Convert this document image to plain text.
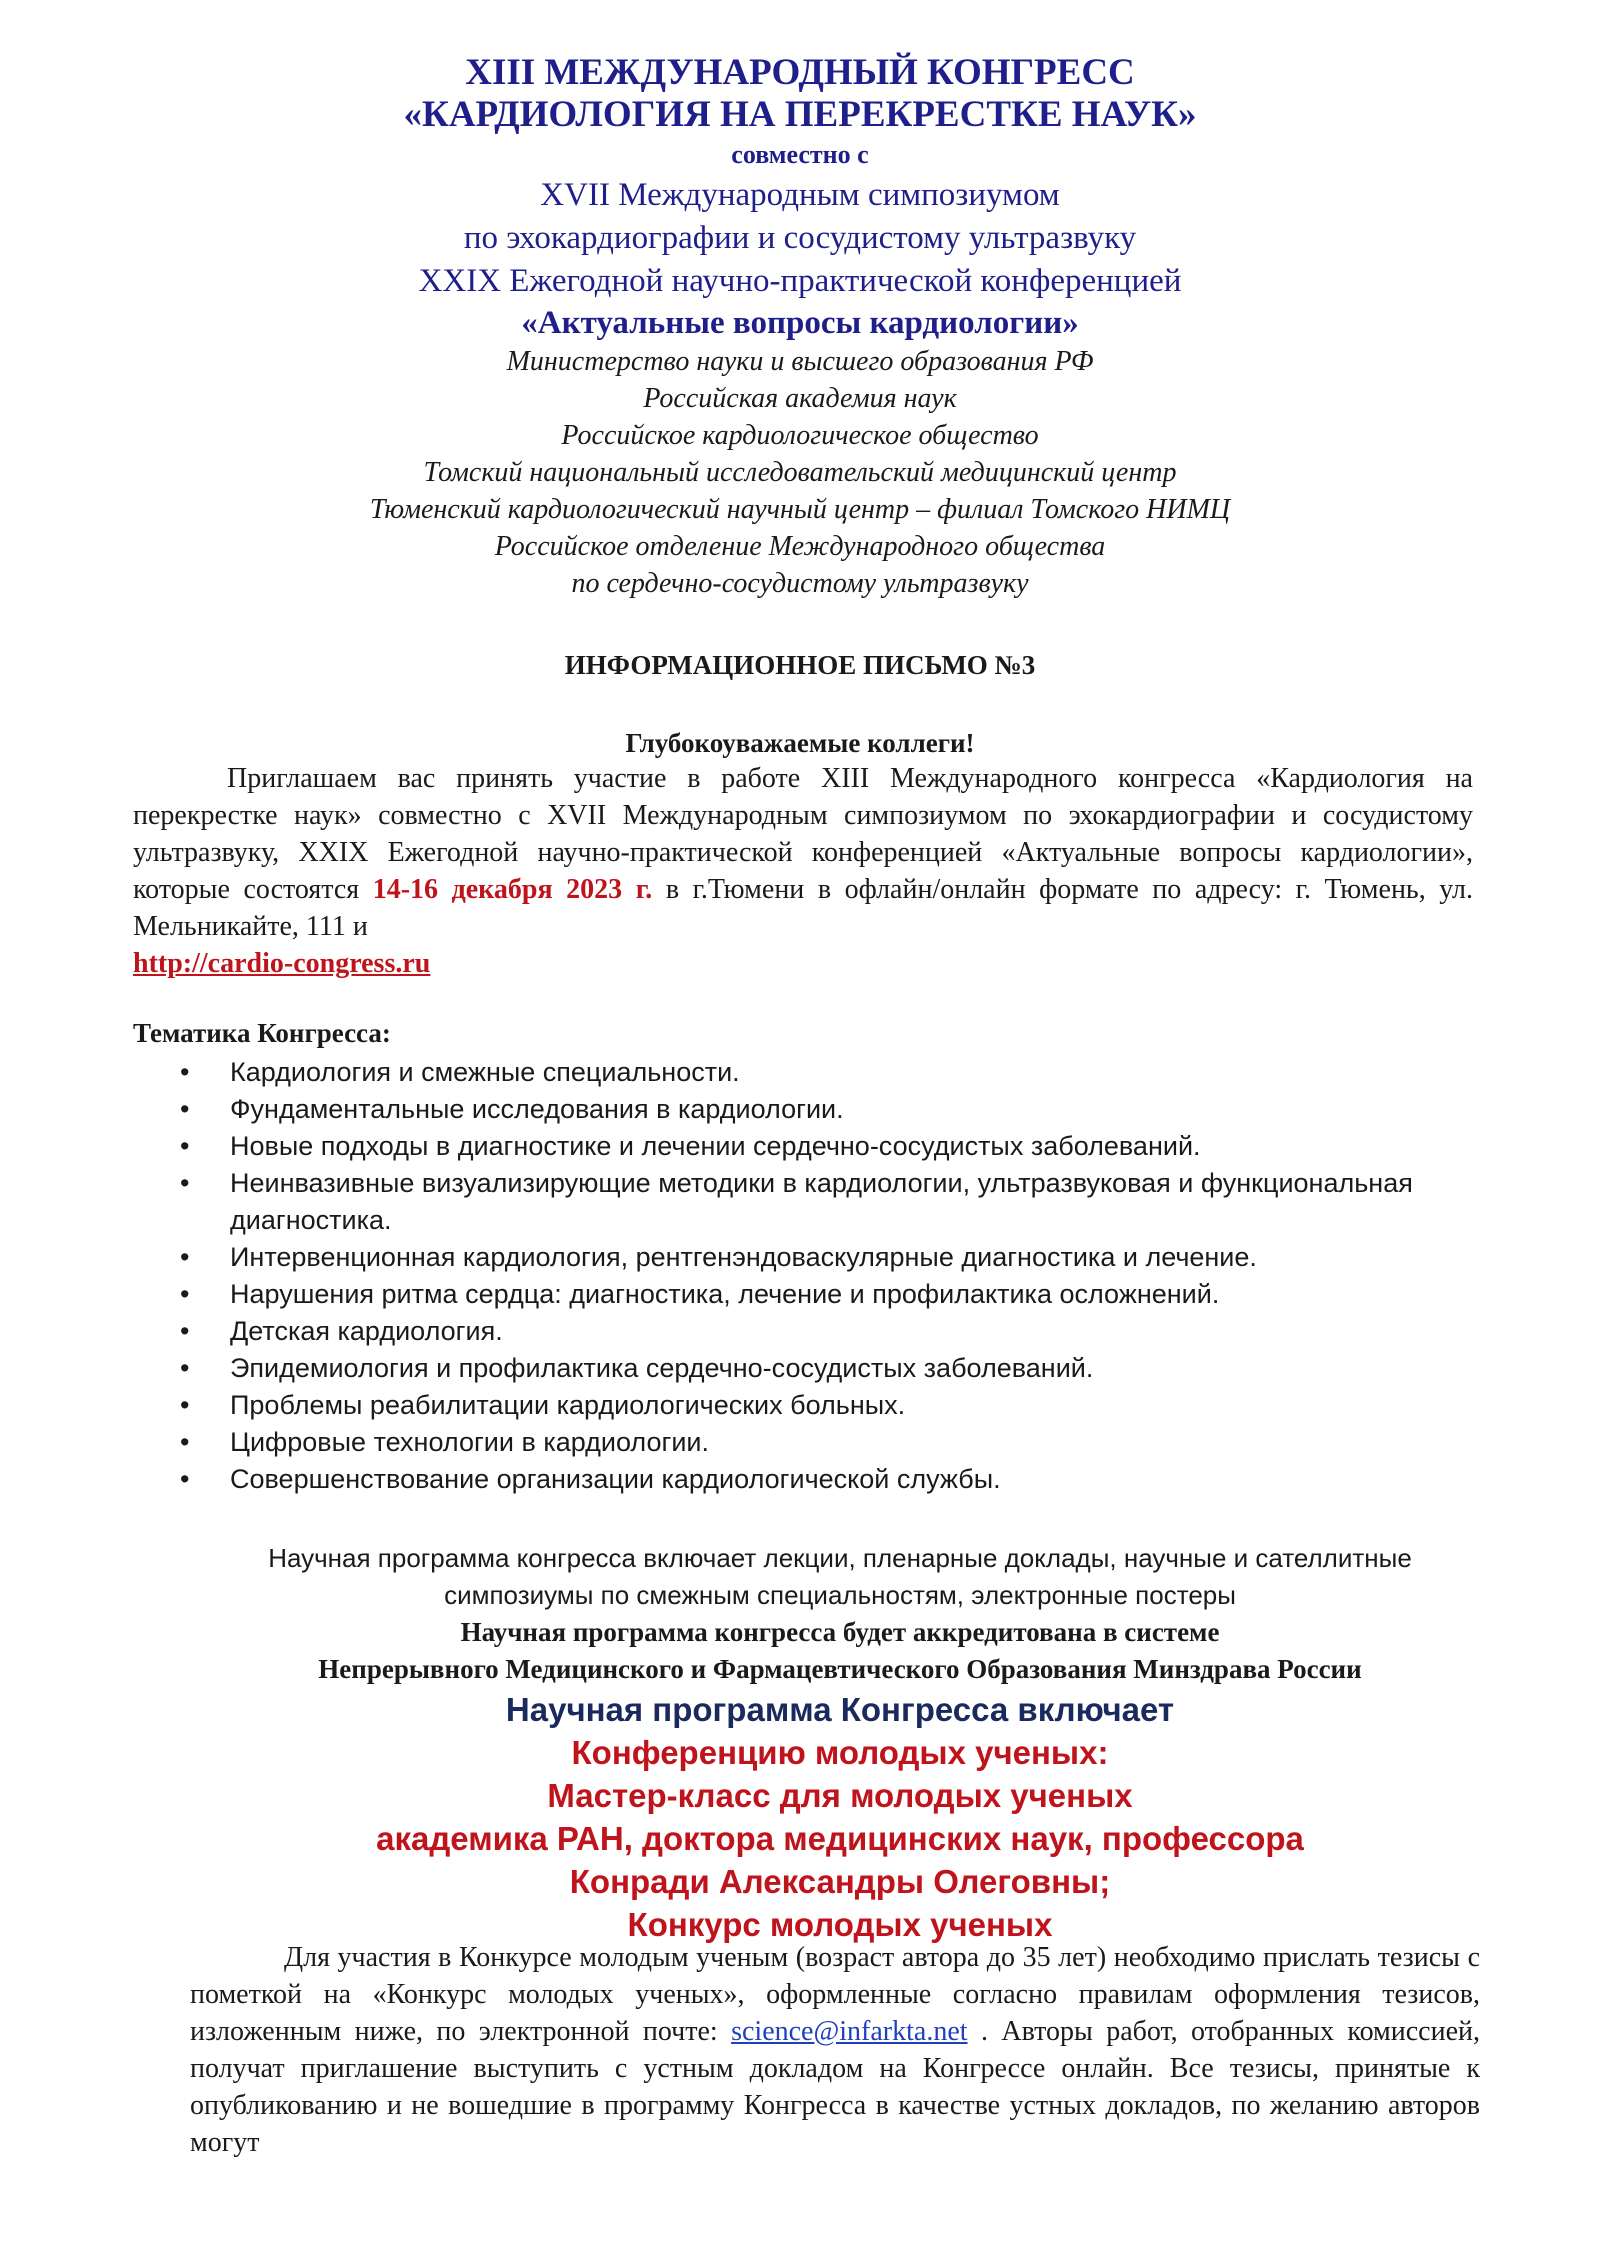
XIII МЕЖДУНАРОДНЫЙ КОНГРЕСС
«КАРДИОЛОГИЯ НА ПЕРЕКРЕСТКЕ НАУК»
совместно с
XVII Международным симпозиумом
по эхокардиографии и сосудистому ультразвуку
XXIX Ежегодной научно-практической конференцией
«Актуальные вопросы кардиологии»
Министерство науки и высшего образования РФ
Российская академия наук
Российское кардиологическое общество
Томский национальный исследовательский медицинский центр
Тюменский кардиологический научный центр – филиал Томского НИМЦ
Российское отделение Международного общества
по сердечно-сосудистому ультразвуку
ИНФОРМАЦИОННОЕ ПИСЬМО №3
Глубокоуважаемые коллеги!
Приглашаем вас принять участие в работе XIII Международного конгресса «Кардиология на перекрестке наук» совместно с XVII Международным симпозиумом по эхокардиографии и сосудистому ультразвуку, XXIX Ежегодной научно-практической конференцией «Актуальные вопросы кардиологии», которые состоятся 14-16 декабря 2023 г. в г.Тюмени в офлайн/онлайн формате по адресу: г. Тюмень, ул. Мельникайте, 111 и
http://cardio-congress.ru
Тематика Конгресса:
• Кардиология и смежные специальности.
• Фундаментальные исследования в кардиологии.
• Новые подходы в диагностике и лечении сердечно-сосудистых заболеваний.
• Неинвазивные визуализирующие методики в кардиологии, ультразвуковая и функциональная диагностика.
• Интервенционная кардиология, рентгенэндоваскулярные диагностика и лечение.
• Нарушения ритма сердца: диагностика, лечение и профилактика осложнений.
• Детская кардиология.
• Эпидемиология и профилактика сердечно-сосудистых заболеваний.
• Проблемы реабилитации кардиологических больных.
• Цифровые технологии в кардиологии.
• Совершенствование организации кардиологической службы.
Научная программа конгресса включает лекции, пленарные доклады, научные и сателлитные
симпозиумы по смежным специальностям, электронные постеры
Научная программа конгресса будет аккредитована в системе
Непрерывного Медицинского и Фармацевтического Образования Минздрава России
Научная программа Конгресса включает
Конференцию молодых ученых:
Мастер-класс для молодых ученых
академика РАН, доктора медицинских наук, профессора
Конради Александры Олеговны;
Конкурс молодых ученых
Для участия в Конкурсе молодым ученым (возраст автора до 35 лет) необходимо прислать тезисы с пометкой на «Конкурс молодых ученых», оформленные согласно правилам оформления тезисов, изложенным ниже, по электронной почте: science@infarkta.net . Авторы работ, отобранных комиссией, получат приглашение выступить с устным докладом на Конгрессе онлайн. Все тезисы, принятые к опубликованию и не вошедшие в программу Конгресса в качестве устных докладов, по желанию авторов могут
